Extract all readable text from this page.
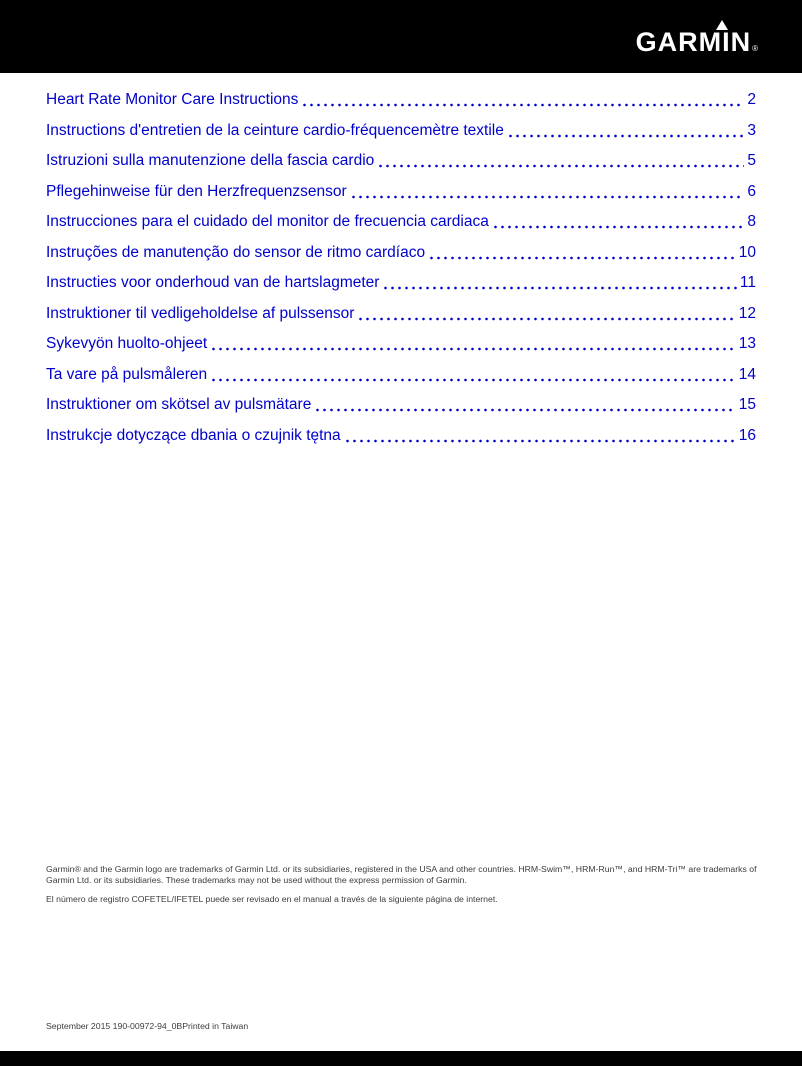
GARMIN®
Heart Rate Monitor Care Instructions	2
Instructions d'entretien de la ceinture cardio-fréquencemètre textile	3
Istruzioni sulla manutenzione della fascia cardio	5
Pflegehinweise für den Herzfrequenzsensor	6
Instrucciones para el cuidado del monitor de frecuencia cardiaca	8
Instruções de manutenção do sensor de ritmo cardíaco	10
Instructies voor onderhoud van de hartslagmeter	11
Instruktioner til vedligeholdelse af pulssensor	12
Sykevyön huolto-ohjeet	13
Ta vare på pulsmåleren	14
Instruktioner om skötsel av pulsmätare	15
Instrukcje dotyczące dbania o czujnik tętna	16

Garmin® and the Garmin logo are trademarks of Garmin Ltd. or its subsidiaries, registered in the USA and other countries. HRM-Swim™, HRM-Run™, and HRM-Tri™ are trademarks of Garmin Ltd. or its subsidiaries. These trademarks may not be used without the express permission of Garmin.

El número de registro COFETEL/IFETEL puede ser revisado en el manual a través de la siguiente página de internet.

September 2015 190-00972-94_0BPrinted in Taiwan
